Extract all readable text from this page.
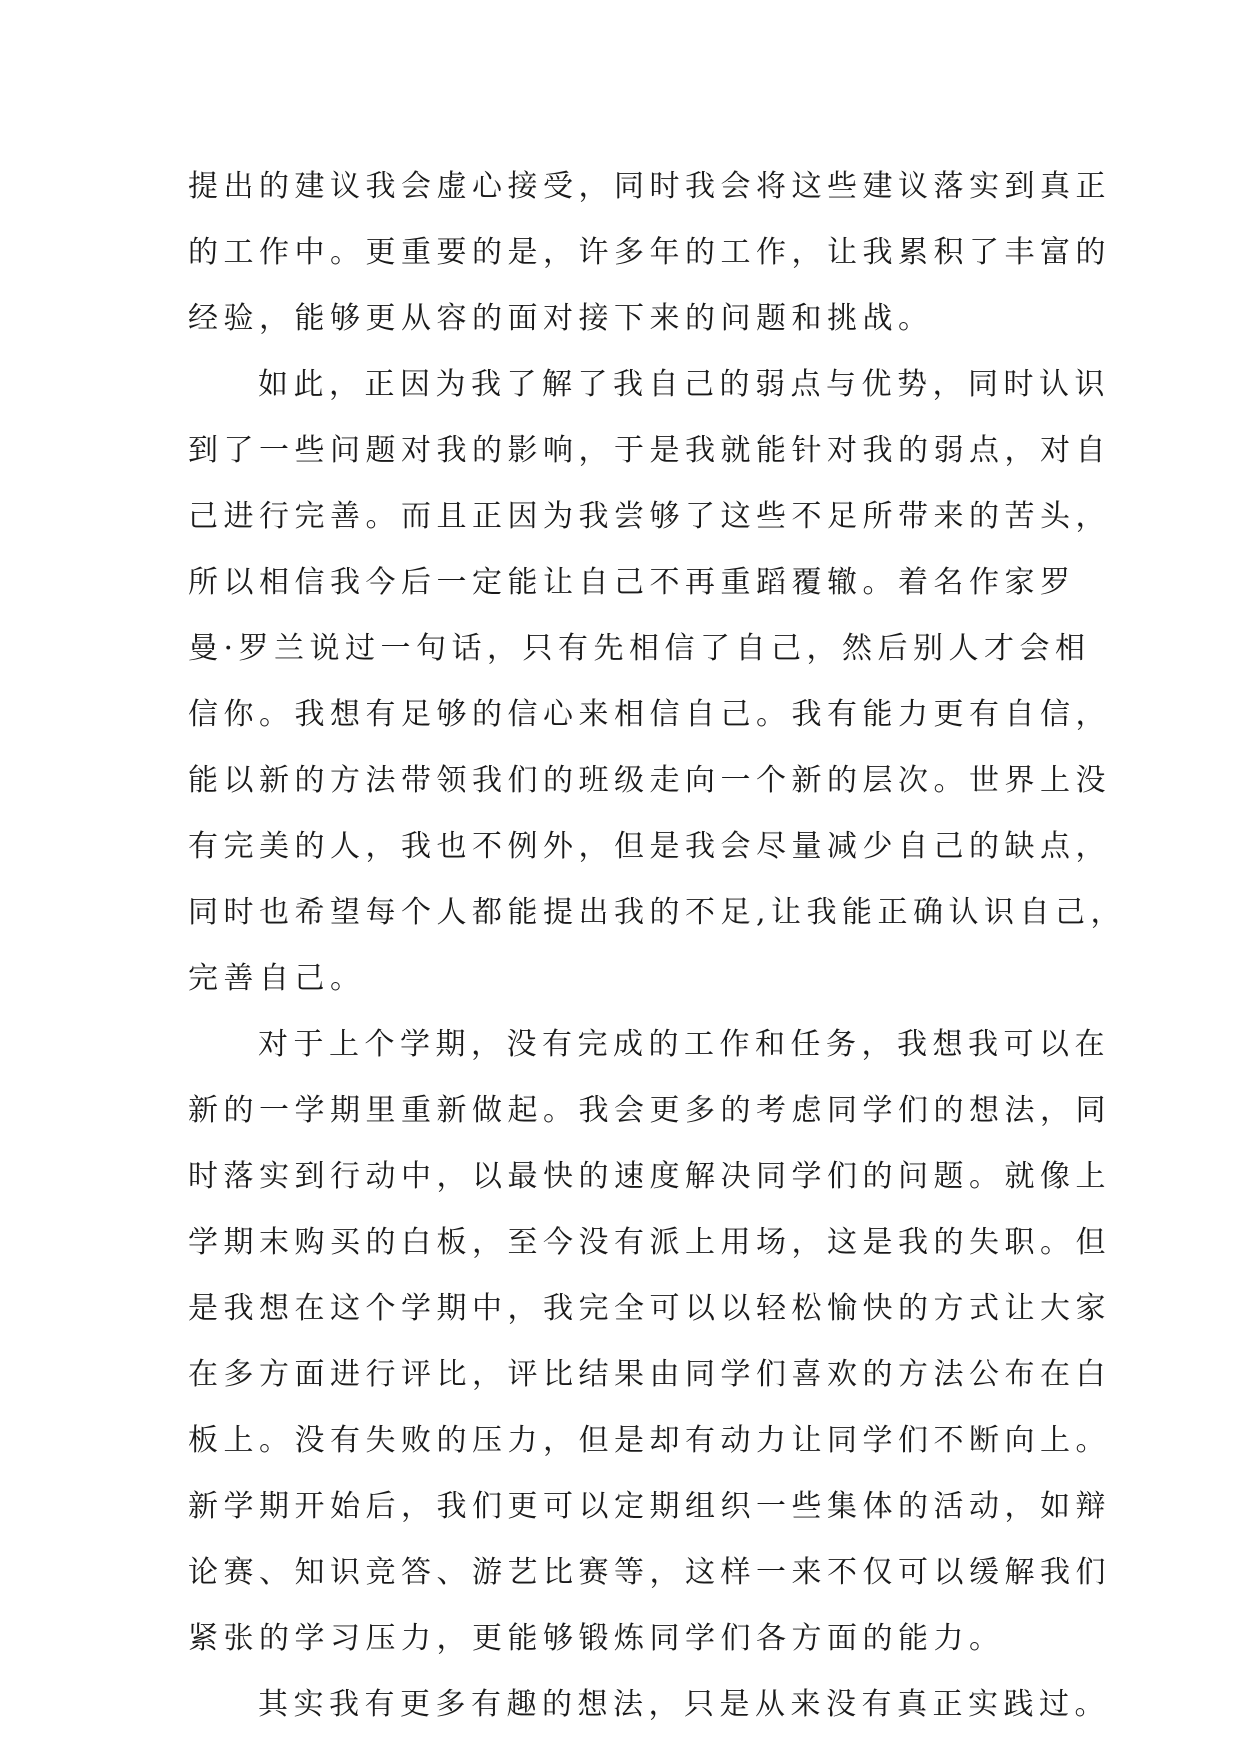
提出的建议我会虚心接受，同时我会将这些建议落实到真正
的工作中。更重要的是，许多年的工作，让我累积了丰富的
经验，能够更从容的面对接下来的问题和挑战。
如此，正因为我了解了我自己的弱点与优势，同时认识
到了一些问题对我的影响，于是我就能针对我的弱点，对自
己进行完善。而且正因为我尝够了这些不足所带来的苦头，
所以相信我今后一定能让自己不再重蹈覆辙。着名作家罗
曼·罗兰说过一句话，只有先相信了自己，然后别人才会相
信你。我想有足够的信心来相信自己。我有能力更有自信，
能以新的方法带领我们的班级走向一个新的层次。世界上没
有完美的人，我也不例外，但是我会尽量减少自己的缺点，
同时也希望每个人都能提出我的不足,让我能正确认识自己，
完善自己。
对于上个学期，没有完成的工作和任务，我想我可以在
新的一学期里重新做起。我会更多的考虑同学们的想法，同
时落实到行动中，以最快的速度解决同学们的问题。就像上
学期末购买的白板，至今没有派上用场，这是我的失职。但
是我想在这个学期中，我完全可以以轻松愉快的方式让大家
在多方面进行评比，评比结果由同学们喜欢的方法公布在白
板上。没有失败的压力，但是却有动力让同学们不断向上。
新学期开始后，我们更可以定期组织一些集体的活动，如辩
论赛、知识竞答、游艺比赛等，这样一来不仅可以缓解我们
紧张的学习压力，更能够锻炼同学们各方面的能力。
其实我有更多有趣的想法，只是从来没有真正实践过。
